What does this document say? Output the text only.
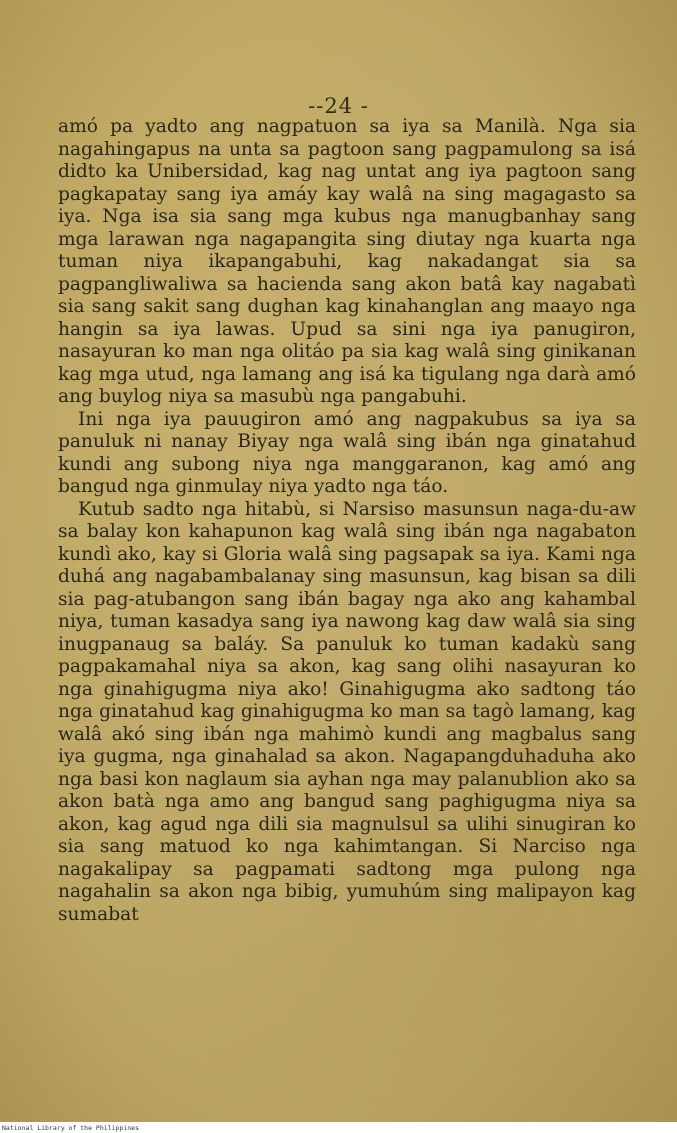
--24 -

amó pa yadto ang nagpatuon sa iya sa Manilà. Nga sia nagahingapus na unta sa pagtoon sang pagpamulong sa isá didto ka Unibersidad, kag nag untat ang iya pagtoon sang pagkapatay sang iya amáy kay walâ na sing magagasto sa iya. Nga isa sia sang mga kubus nga manugbanhay sang mga larawan nga nagapangita sing diutay nga kuarta nga tuman niya ikapangabuhi, kag nakadangat sia sa pagpangliwaliwa sa hacienda sang akon batâ kay nagabatì sia sang sakit sang dughan kag kinahanglan ang maayo nga hangin sa iya lawas. Upud sa sini nga iya panugiron, nasayuran ko man nga olitáo pa sia kag walâ sing ginikanan kag mga utud, nga lamang ang isá ka tigulang nga darà amó ang buylog niya sa masubù nga pangabuhi.

Ini nga iya pauugiron amó ang nagpakubus sa iya sa panuluk ni nanay Biyay nga walâ sing ibán nga ginatahud kundi ang subong niya nga manggaranon, kag amó ang bangud nga ginmulay niya yadto nga táo.

Kutub sadto nga hitabù, si Narsiso masunsun naga-du-aw sa balay kon kahapunon kag walâ sing ibán nga nagabaton kundì ako, kay si Gloria walâ sing pagsapak sa iya. Kami nga duhá ang nagabambalanay sing masunsun, kag bisan sa dili sia pag-atubangon sang ibán bagay nga ako ang kahambal niya, tuman kasadya sang iya nawong kag daw walâ sia sing inugpanaug sa baláy. Sa panuluk ko tuman kadakù sang pagpakamahal niya sa akon, kag sang olihi nasayuran ko nga ginahigugma niya ako! Ginahigugma ako sadtong táo nga ginatahud kag ginahigugma ko man sa tagò lamang, kag walâ akó sing ibán nga mahimò kundi ang magbalus sang iya gugma, nga ginahalad sa akon. Nagapangduhaduha ako nga basi kon naglaum sia ayhan nga may palanublion ako sa akon batà nga amo ang bangud sang paghigugma niya sa akon, kag agud nga dili sia magnulsul sa ulihi sinugiran ko sia sang matuod ko nga kahimtangan. Si Narciso nga nagakalipay sa pagpamati sadtong mga pulong nga nagahalin sa akon nga bibig, yumuhúm sing malipayon kag sumabat

National Library of the Philippines
